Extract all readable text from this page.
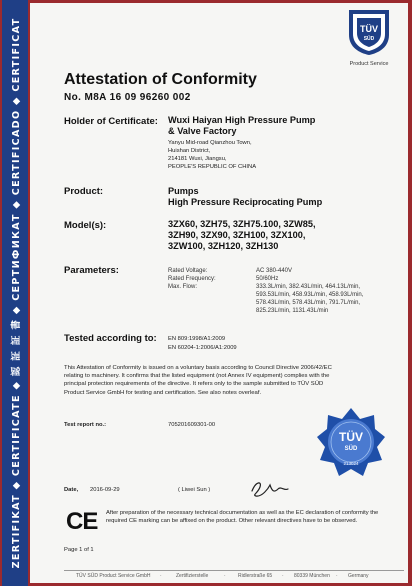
ZERTIFIKAT ◆ CERTIFICATE ◆ 認 証 証 書 ◆ СЕРТИФИКАТ ◆ CERTIFICADO ◆ CERTIFICAT	TÜV
SÜD
Product Service
Attestation of Conformity
No. M8A 16 09 96260 002
Holder of Certificate: Wuxi Haiyan High Pressure Pump
& Valve Factory
Yanyu Mid-road Qianzhou Town,
Huishan District,
214181 Wuxi, Jiangsu,
PEOPLE'S REPUBLIC OF CHINA
Product:	Pumps
High Pressure Reciprocating Pump
Model(s):	3ZX60, 3ZH75, 3ZH75.100, 3ZW85,
3ZH90, 3ZX90, 3ZH100, 3ZX100,
3ZW100, 3ZH120, 3ZH130
Parameters:	Rated Voltage:	AC 380-440V
Rated Frequency:	50/60Hz
Max. Flow:	333.3L/min, 382.43L/min, 464.13L/min,
593.53L/min, 458.93L/min, 458.93L/min,
578.43L/min, 578.43L/min, 791.7L/min,
825.23L/min, 1131.43L/min
Tested according to: EN 809:1998/A1:2009
EN 60204-1:2006/A1:2009
This Attestation of Conformity is issued on a voluntary basis according to Council Directive 2006/42/EC relating to machinery. It confirms that the listed equipment (not Annex IV equipment) complies with the principal protection requirements of the directive. It refers only to the sample submitted to TÜV SÜD Product Service GmbH for testing and certification. See also notes overleaf.
Test report no.:	705201609301-00
TÜV
SÜD
213024
Date, 2016-09-29	( Liwei Sun )
CE After preparation of the necessary technical documentation as well as the EC declaration of conformity the required CE marking can be affixed on the product. Other relevant directives have to be observed.
Page 1 of 1
TÜV SÜD Product Service GmbH ·	Zertifizierstelle	· Ridlerstraße 65 · 80339 München · Germany
